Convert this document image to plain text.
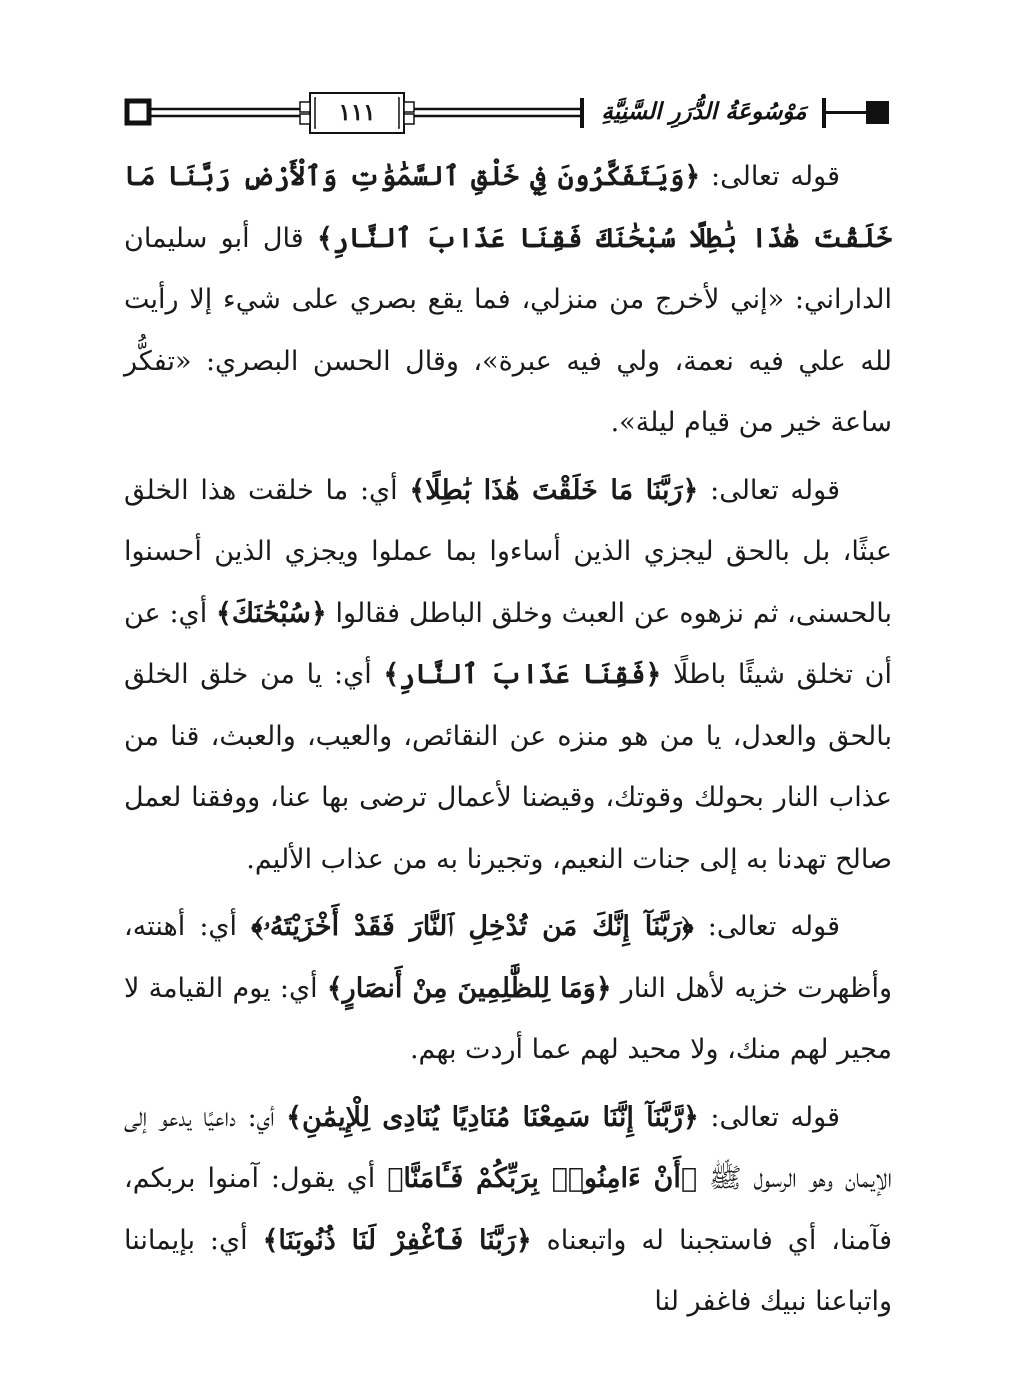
١١١	مَوْسُوعَةُ الدُّرَرِ السَّنِيَّةِ

قوله تعالى: ﴿وَيَتَفَكَّرُونَ فِي خَلْقِ ٱلسَّمَٰوَٰتِ وَٱلْأَرْضِ رَبَّنَا مَا خَلَقْتَ هَٰذَا بَٰطِلًا سُبْحَٰنَكَ فَقِنَا عَذَابَ ٱلنَّارِ﴾ قال أبو سليمان الداراني: «إني لأخرج من منزلي، فما يقع بصري على شيء إلا رأيت لله علي فيه نعمة، ولي فيه عبرة»، وقال الحسن البصري: «تفكُّر ساعة خير من قيام ليلة».

قوله تعالى: ﴿رَبَّنَا مَا خَلَقْتَ هَٰذَا بَٰطِلًا﴾ أي: ما خلقت هذا الخلق عبثًا، بل بالحق ليجزي الذين أساءوا بما عملوا ويجزي الذين أحسنوا بالحسنى، ثم نزهوه عن العبث وخلق الباطل فقالوا ﴿سُبْحَٰنَكَ﴾ أي: عن أن تخلق شيئًا باطلًا ﴿فَقِنَا عَذَابَ ٱلنَّارِ﴾ أي: يا من خلق الخلق بالحق والعدل، يا من هو منزه عن النقائص، والعيب، والعبث، قنا من عذاب النار بحولك وقوتك، وقيضنا لأعمال ترضى بها عنا، ووفقنا لعمل صالح تهدنا به إلى جنات النعيم، وتجيرنا به من عذاب الأليم.

قوله تعالى: ﴿رَبَّنَآ إِنَّكَ مَن تُدْخِلِ ٱلنَّارَ فَقَدْ أَخْزَيْتَهُۥ﴾ أي: أهنته، وأظهرت خزيه لأهل النار ﴿وَمَا لِلظَّٰلِمِينَ مِنْ أَنصَارٍ﴾ أي: يوم القيامة لا مجير لهم منك، ولا محيد لهم عما أردت بهم.

قوله تعالى: ﴿رَّبَّنَآ إِنَّنَا سَمِعْنَا مُنَادِيًا يُنَادِى لِلْإِيمَٰنِ﴾ أي: داعيًا يدعو إلى الإيمان وهو الرسول ﷺ ﴿أَنْ ءَامِنُوا۟ بِرَبِّكُمْ فَـَٔامَنَّا﴾ أي يقول: آمنوا بربكم، فآمنا، أي فاستجبنا له واتبعناه ﴿رَبَّنَا فَٱغْفِرْ لَنَا ذُنُوبَنَا﴾ أي: بإيماننا واتباعنا نبيك فاغفر لنا
